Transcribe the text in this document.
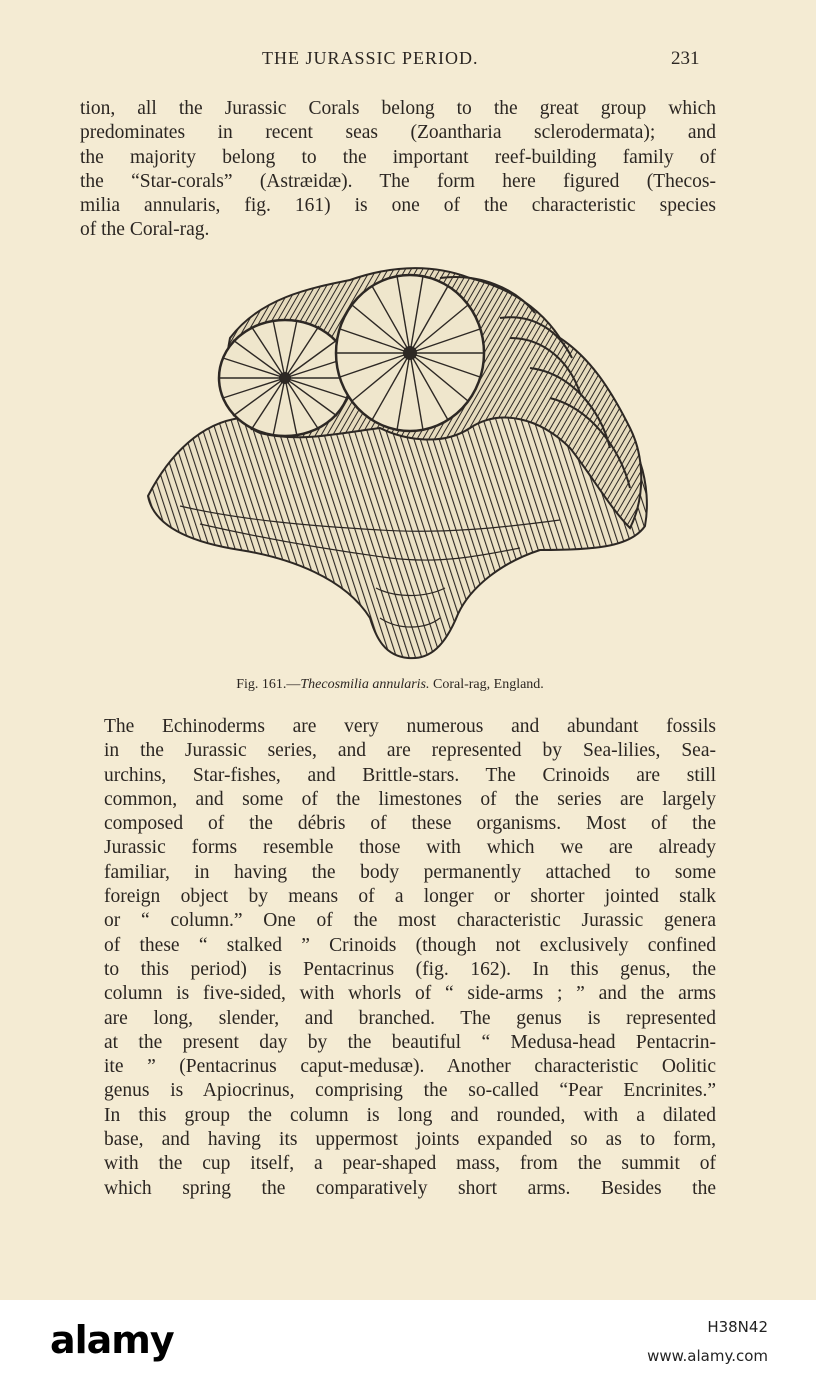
THE JURASSIC PERIOD.	231
tion, all the Jurassic Corals belong to the great group which
predominates in recent seas (Zoantharia sclerodermata); and
the majority belong to the important reef-building family of
the “Star-corals” (Astræidæ). The form here figured (Thecos-
milia annularis, fig. 161) is one of the characteristic species
of the Coral-rag.
Fig. 161.—Thecosmilia annularis. Coral-rag, England.
The Echinoderms are very numerous and abundant fossils
in the Jurassic series, and are represented by Sea-lilies, Sea-
urchins, Star-fishes, and Brittle-stars. The Crinoids are still
common, and some of the limestones of the series are largely
composed of the débris of these organisms. Most of the
Jurassic forms resemble those with which we are already
familiar, in having the body permanently attached to some
foreign object by means of a longer or shorter jointed stalk
or “ column.” One of the most characteristic Jurassic genera
of these “ stalked ” Crinoids (though not exclusively confined
to this period) is Pentacrinus (fig. 162). In this genus, the
column is five-sided, with whorls of “ side-arms ; ” and the arms
are long, slender, and branched. The genus is represented
at the present day by the beautiful “ Medusa-head Pentacrin-
ite ” (Pentacrinus caput-medusæ). Another characteristic Oolitic
genus is Apiocrinus, comprising the so-called “Pear Encrinites.”
In this group the column is long and rounded, with a dilated
base, and having its uppermost joints expanded so as to form,
with the cup itself, a pear-shaped mass, from the summit of
which spring the comparatively short arms. Besides the
alamy	H38N42
www.alamy.com
